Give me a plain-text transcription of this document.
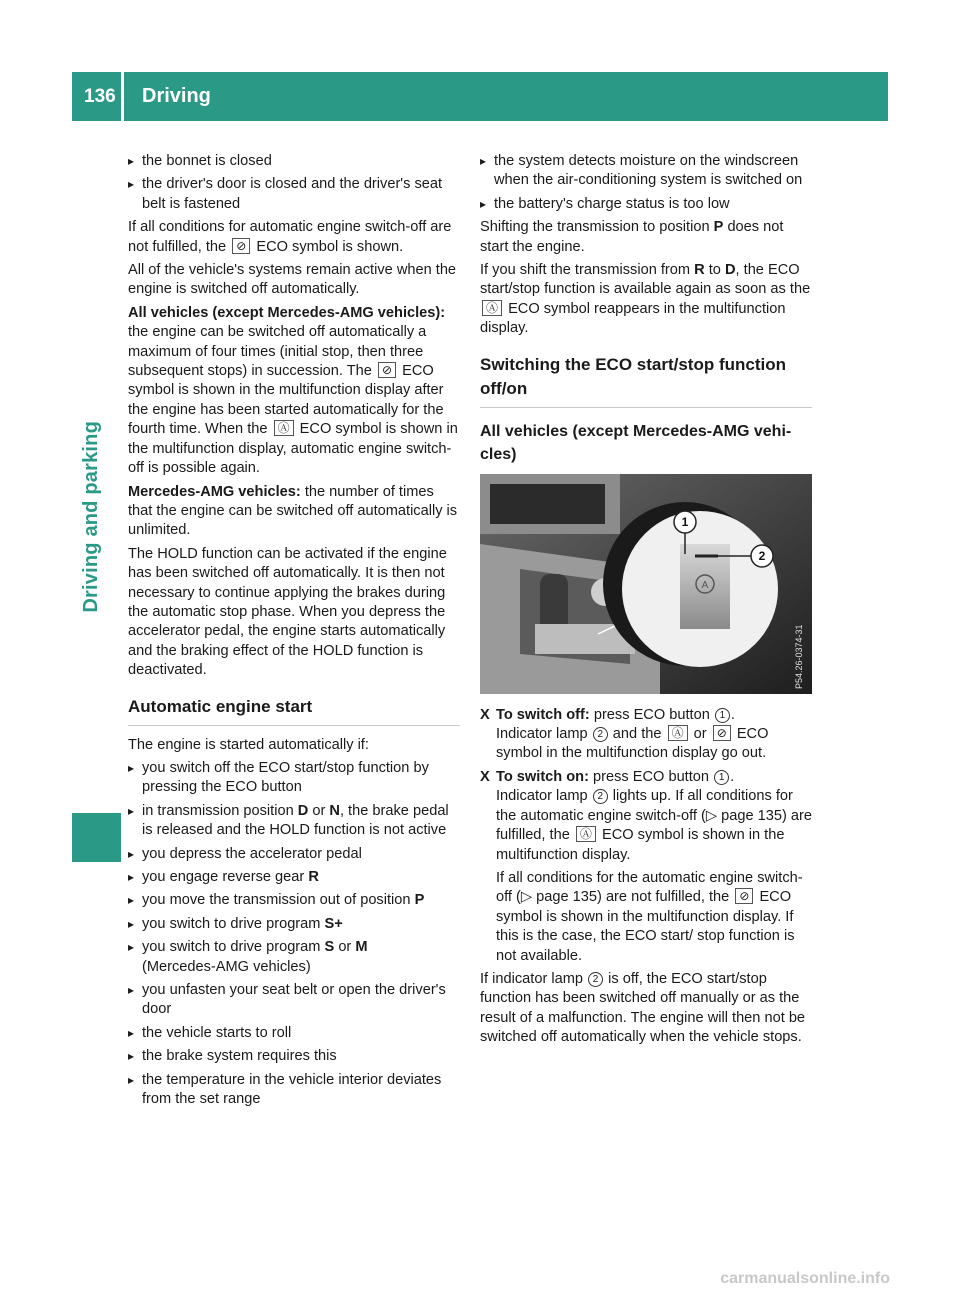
136	Driving
Driving and parking

▸ the bonnet is closed

▸ the driver's door is closed and the driver's seat belt is fastened

If all conditions for automatic engine switch-off are not fulfilled, the ⊘ ECO symbol is shown.

All of the vehicle's systems remain active when the engine is switched off automatically.

All vehicles (except Mercedes-AMG vehicles): the engine can be switched off automatically a maximum of four times (initial stop, then three subsequent stops) in succession. The ⊘ ECO symbol is shown in the multifunction display after the engine has been started automatically for the fourth time. When the Ⓐ ECO symbol is shown in the multifunction display, automatic engine switch-off is possible again.

Mercedes-AMG vehicles: the number of times that the engine can be switched off automatically is unlimited.

The HOLD function can be activated if the engine has been switched off automatically. It is then not necessary to continue applying the brakes during the automatic stop phase. When you depress the accelerator pedal, the engine starts automatically and the braking effect of the HOLD function is deactivated.

Automatic engine start

The engine is started automatically if:

▸ you switch off the ECO start/stop function by pressing the ECO button

▸ in transmission position D or N, the brake pedal is released and the HOLD function is not active

▸ you depress the accelerator pedal

▸ you engage reverse gear R

▸ you move the transmission out of position P

▸ you switch to drive program S+

▸ you switch to drive program S or M
(Mercedes-AMG vehicles)

▸ you unfasten your seat belt or open the driver's door

▸ the vehicle starts to roll

▸ the brake system requires this

▸ the temperature in the vehicle interior deviates from the set range

▸ the system detects moisture on the windscreen when the air-conditioning system is switched on

▸ the battery's charge status is too low

Shifting the transmission to position P does not start the engine.

If you shift the transmission from R to D, the ECO start/stop function is available again as soon as the Ⓐ ECO symbol reappears in the multifunction display.

Switching the ECO start/stop function off/on
All vehicles (except Mercedes-AMG vehicles)
1
2
A
P54.26-0374-31
X To switch off: press ECO button 1 .
Indicator lamp 2 and the Ⓐ or ⊘ ECO symbol in the multifunction display go out.
X To switch on: press ECO button 1 .
Indicator lamp 2 lights up. If all conditions for the automatic engine switch-off (▷ page 135) are fulfilled, the Ⓐ ECO symbol is shown in the multifunction display.
If all conditions for the automatic engine switch-off (▷ page 135) are not fulfilled, the ⊘ ECO symbol is shown in the multifunction display. If this is the case, the ECO start/ stop function is not available.

If indicator lamp 2 is off, the ECO start/stop function has been switched off manually or as the result of a malfunction. The engine will then not be switched off automatically when the vehicle stops.

carmanualsonline.info
